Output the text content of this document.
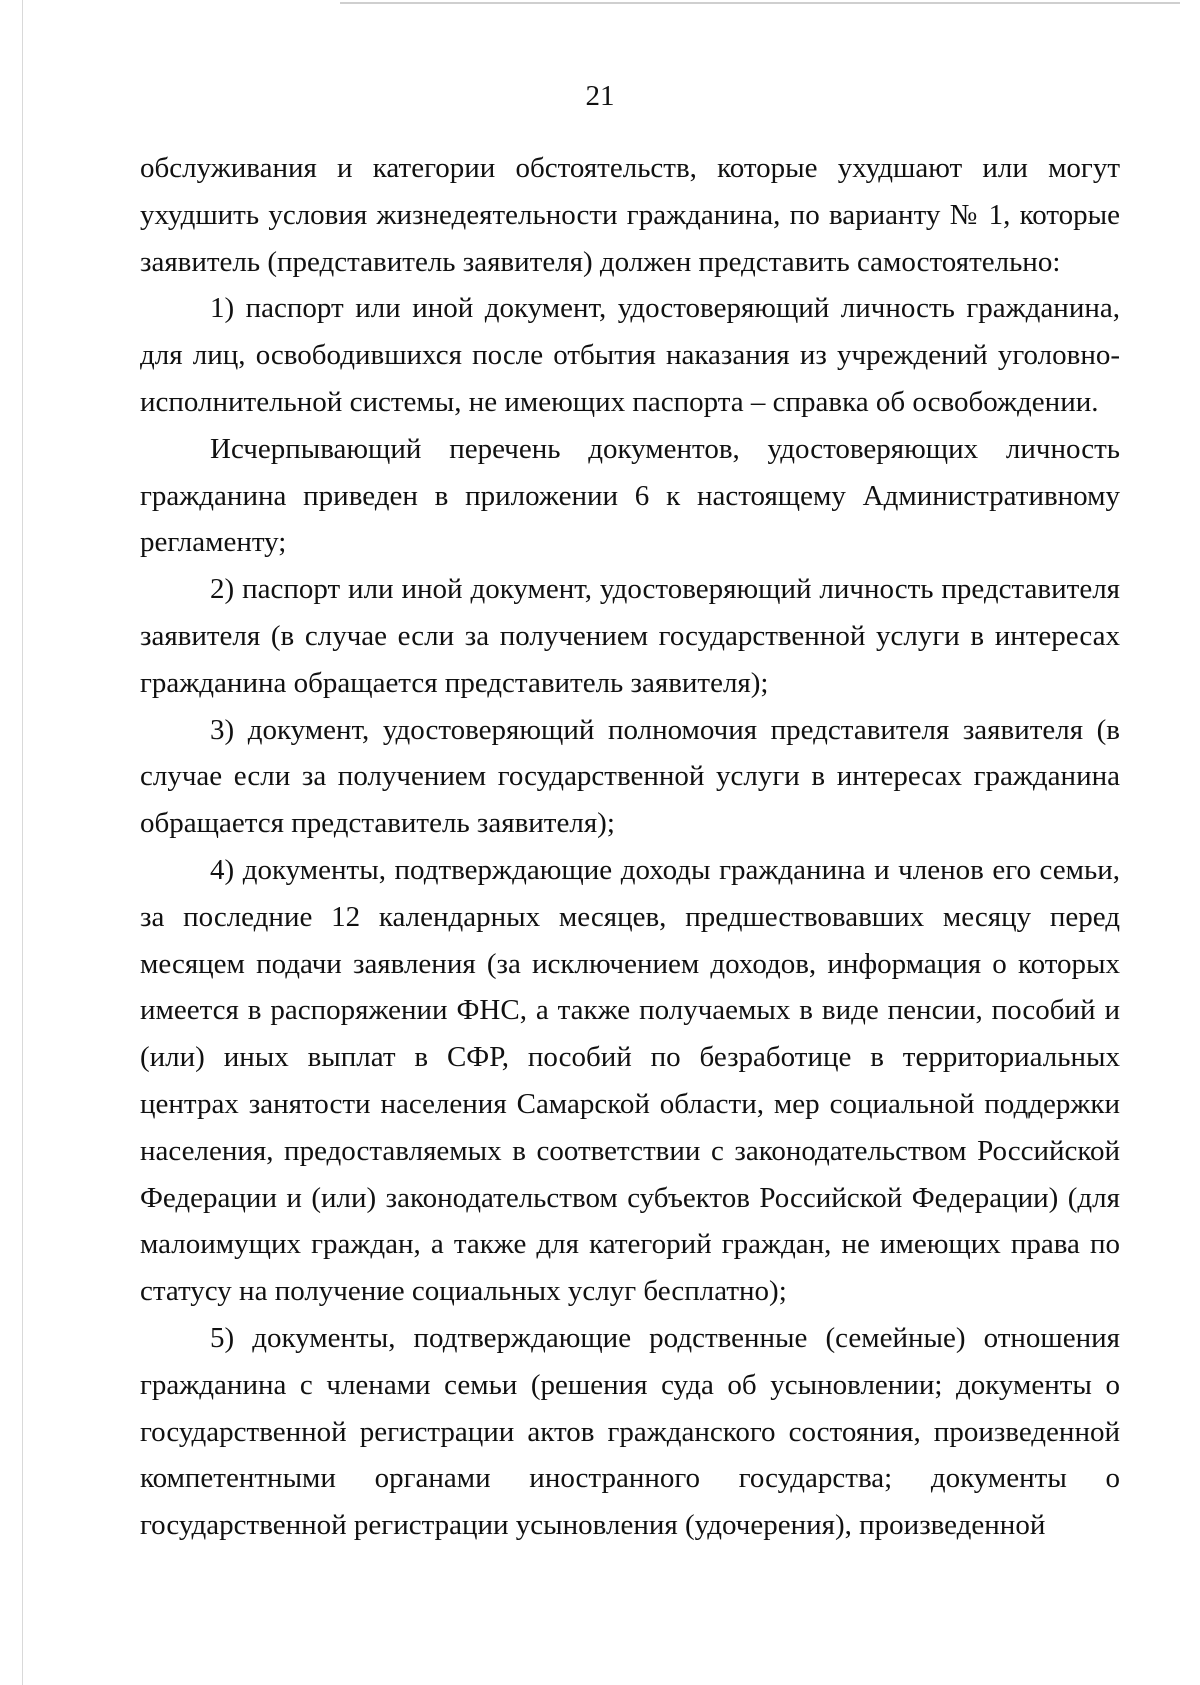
21

обслуживания и категории обстоятельств, которые ухудшают или могут ухудшить условия жизнедеятельности гражданина, по варианту № 1, которые заявитель (представитель заявителя) должен представить самостоятельно:

1) паспорт или иной документ, удостоверяющий личность гражданина, для лиц, освободившихся после отбытия наказания из учреждений уголовно-исполнительной системы, не имеющих паспорта – справка об освобождении.

Исчерпывающий перечень документов, удостоверяющих личность гражданина приведен в приложении 6 к настоящему Административному регламенту;

2) паспорт или иной документ, удостоверяющий личность представителя заявителя (в случае если за получением государственной услуги в интересах гражданина обращается представитель заявителя);

3) документ, удостоверяющий полномочия представителя заявителя (в случае если за получением государственной услуги в интересах гражданина обращается представитель заявителя);

4) документы, подтверждающие доходы гражданина и членов его семьи, за последние 12 календарных месяцев, предшествовавших месяцу перед месяцем подачи заявления (за исключением доходов, информация о которых имеется в распоряжении ФНС, а также получаемых в виде пенсии, пособий и (или) иных выплат в СФР, пособий по безработице в территориальных центрах занятости населения Самарской области, мер социальной поддержки населения, предоставляемых в соответствии с законодательством Российской Федерации и (или) законодательством субъектов Российской Федерации) (для малоимущих граждан, а также для категорий граждан, не имеющих права по статусу на получение социальных услуг бесплатно);

5) документы, подтверждающие родственные (семейные) отношения гражданина с членами семьи (решения суда об усыновлении; документы о государственной регистрации актов гражданского состояния, произведенной компетентными органами иностранного государства; документы о государственной регистрации усыновления (удочерения), произведенной
